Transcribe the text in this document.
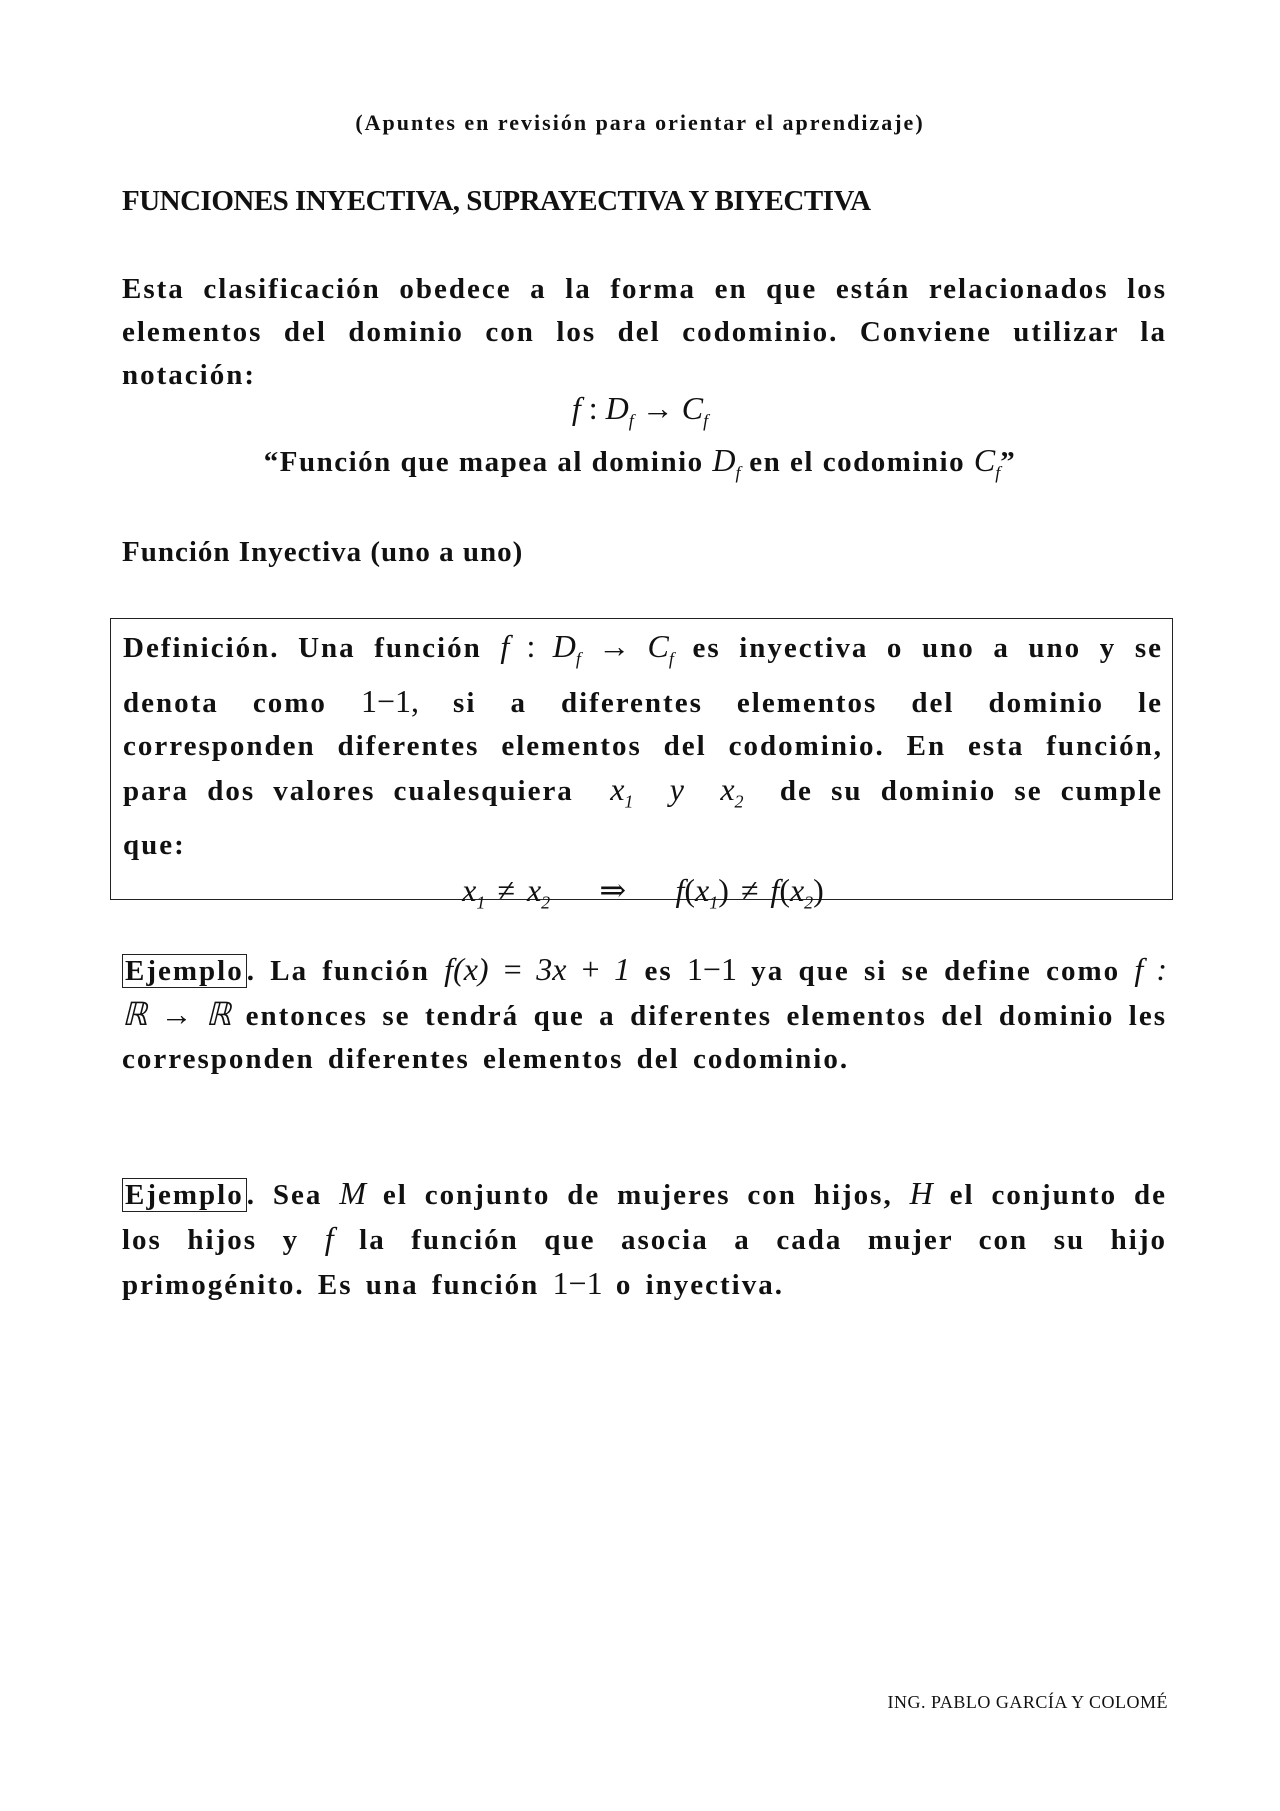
(Apuntes en revisión para orientar el aprendizaje)
FUNCIONES INYECTIVA, SUPRAYECTIVA Y BIYECTIVA
Esta clasificación obedece a la forma en que están relacionados los elementos del dominio con los del codominio. Conviene utilizar la notación:
f : $D_f \to C_f$
“Función que mapea al dominio $D_f$ en el codominio $C_f$”
Función Inyectiva (uno a uno)
Definición. Una función f : $D_f \to C_f$ es inyectiva o uno a uno y se denota como 1−1, si a diferentes elementos del dominio le corresponden diferentes elementos del codominio. En esta función, para dos valores cualesquiera $x_1$ y $x_2$ de su dominio se cumple que:
$x_1 \ne x_2$    ⇒    $f(x_1) \ne f(x_2)$
Ejemplo . La función f(x) = 3x + 1 es 1−1 ya que si se define como f : ℝ → ℝ entonces se tendrá que a diferentes elementos del dominio les corresponden diferentes elementos del codominio.
Ejemplo . Sea M el conjunto de mujeres con hijos, H el conjunto de los hijos y f la función que asocia a cada mujer con su hijo primogénito. Es una función 1−1 o inyectiva.
ING. PABLO GARCÍA Y COLOMÉ
